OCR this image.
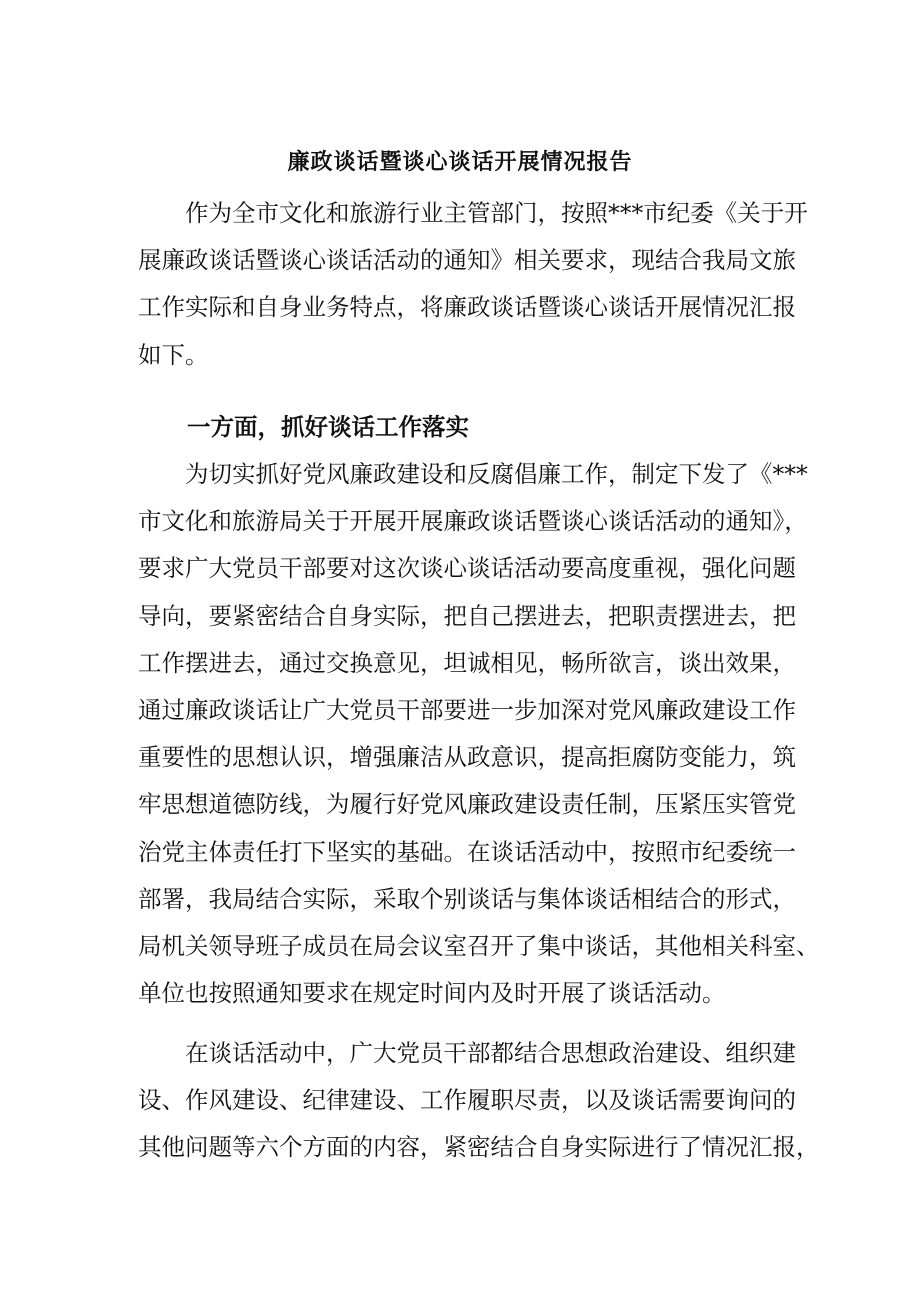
廉政谈话暨谈心谈话开展情况报告
作为全市文化和旅游行业主管部门，按照***市纪委《关于开
展廉政谈话暨谈心谈话活动的通知》相关要求，现结合我局文旅
工作实际和自身业务特点，将廉政谈话暨谈心谈话开展情况汇报
如下。
一方面，抓好谈话工作落实
为切实抓好党风廉政建设和反腐倡廉工作，制定下发了《***
市文化和旅游局关于开展开展廉政谈话暨谈心谈话活动的通知》，
要求广大党员干部要对这次谈心谈话活动要高度重视，强化问题
导向，要紧密结合自身实际，把自己摆进去，把职责摆进去，把
工作摆进去，通过交换意见，坦诚相见，畅所欲言，谈出效果，
通过廉政谈话让广大党员干部要进一步加深对党风廉政建设工作
重要性的思想认识，增强廉洁从政意识，提高拒腐防变能力，筑
牢思想道德防线，为履行好党风廉政建设责任制，压紧压实管党
治党主体责任打下坚实的基础。在谈话活动中，按照市纪委统一
部署，我局结合实际，采取个别谈话与集体谈话相结合的形式，
局机关领导班子成员在局会议室召开了集中谈话，其他相关科室、
单位也按照通知要求在规定时间内及时开展了谈话活动。
在谈话活动中，广大党员干部都结合思想政治建设、组织建
设、作风建设、纪律建设、工作履职尽责，以及谈话需要询问的
其他问题等六个方面的内容，紧密结合自身实际进行了情况汇报，
